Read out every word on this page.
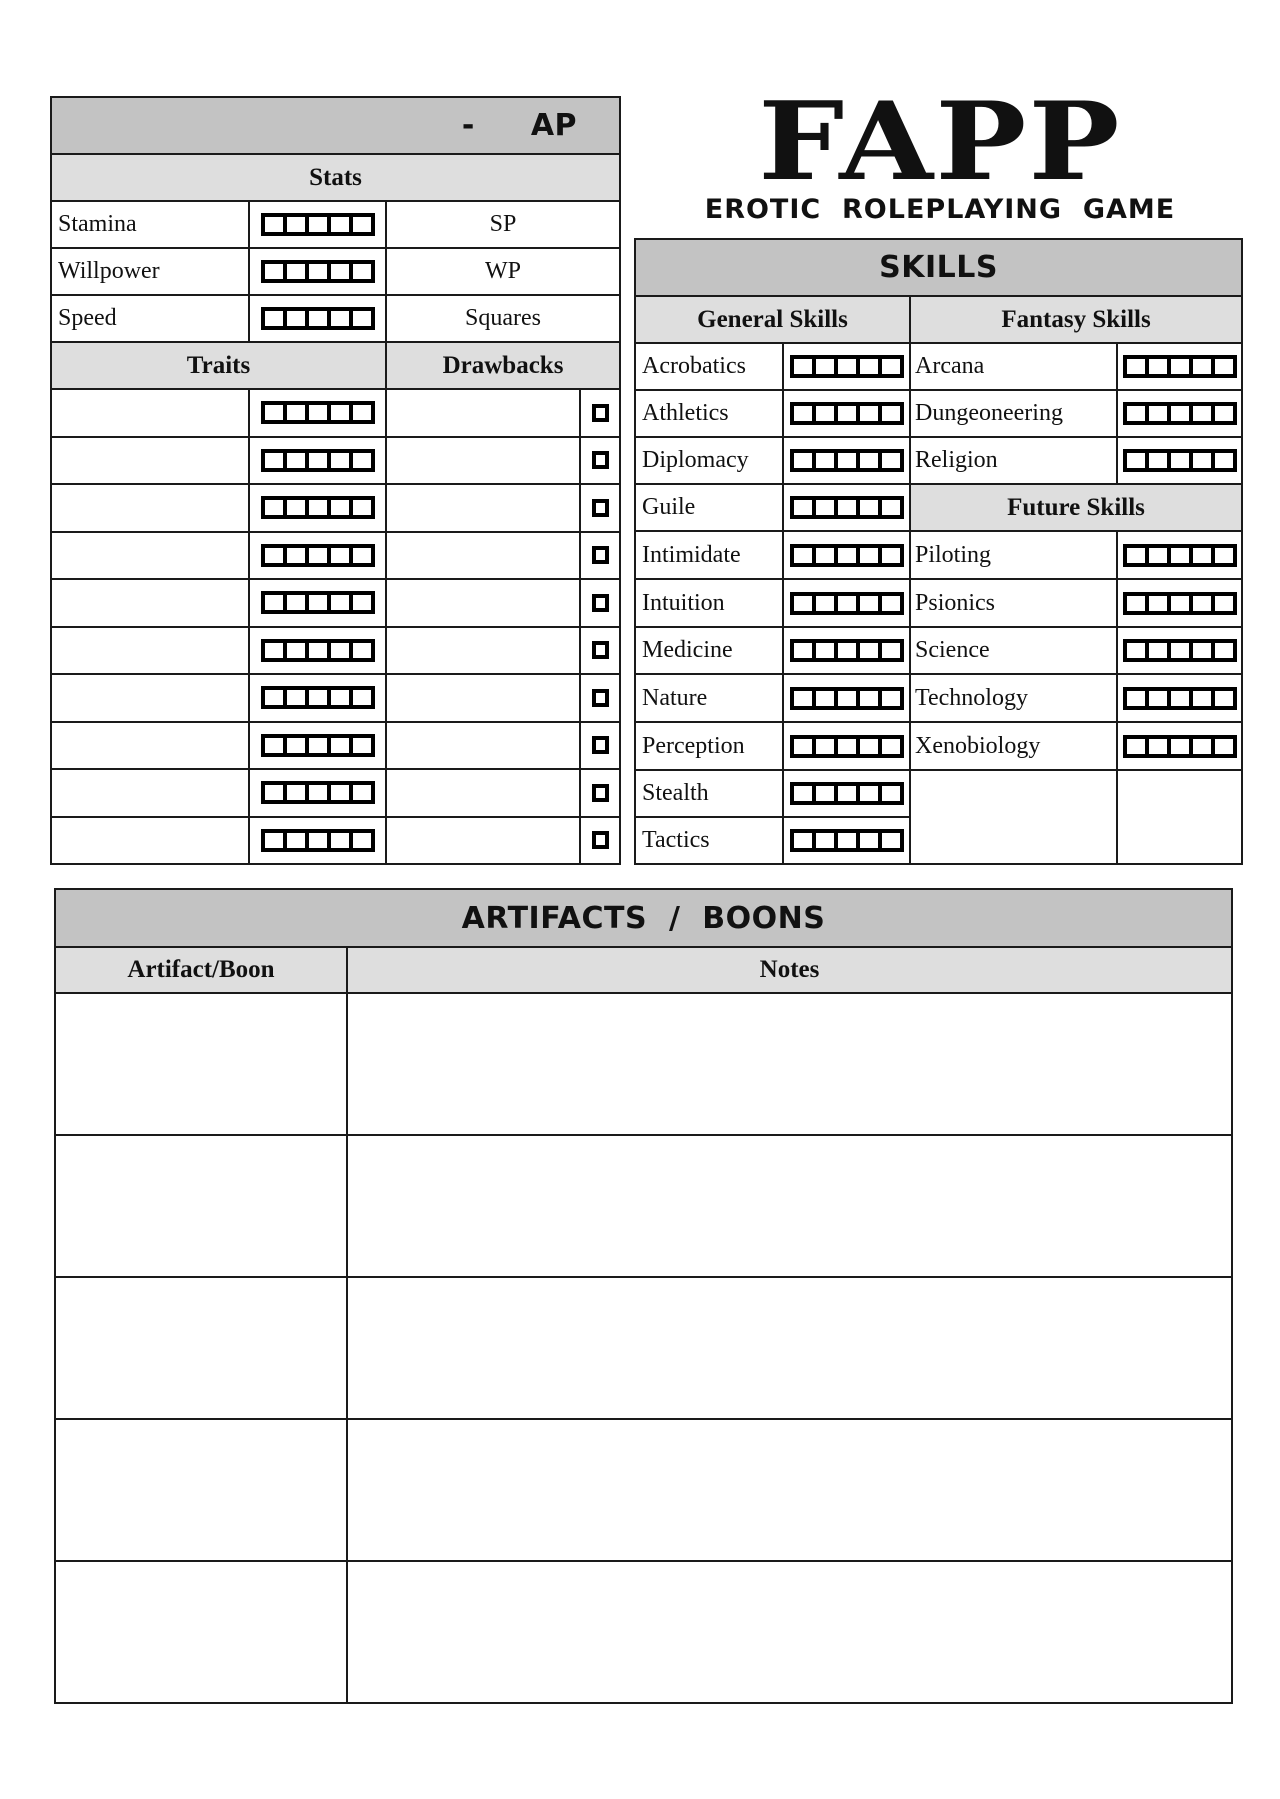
- AP			
Stats			
Stamina		SP	
Willpower		WP	
Speed		Squares	
Traits		Drawbacks	

FAPP
EROTIC  ROLEPLAYING  GAME
SKILLS			
General Skills		Fantasy Skills	
Acrobatics		Arcana	

Athletics		Dungeoneering	

Diplomacy		Religion	

Guile		Future Skills	
Intimidate		Piloting	

Intuition		Psionics	

Medicine		Science	

Nature		Technology	

Perception		Xenobiology	

Stealth	

Tactics			
ARTIFACTS  /  BOONS	
Artifact/Boon	Notes
